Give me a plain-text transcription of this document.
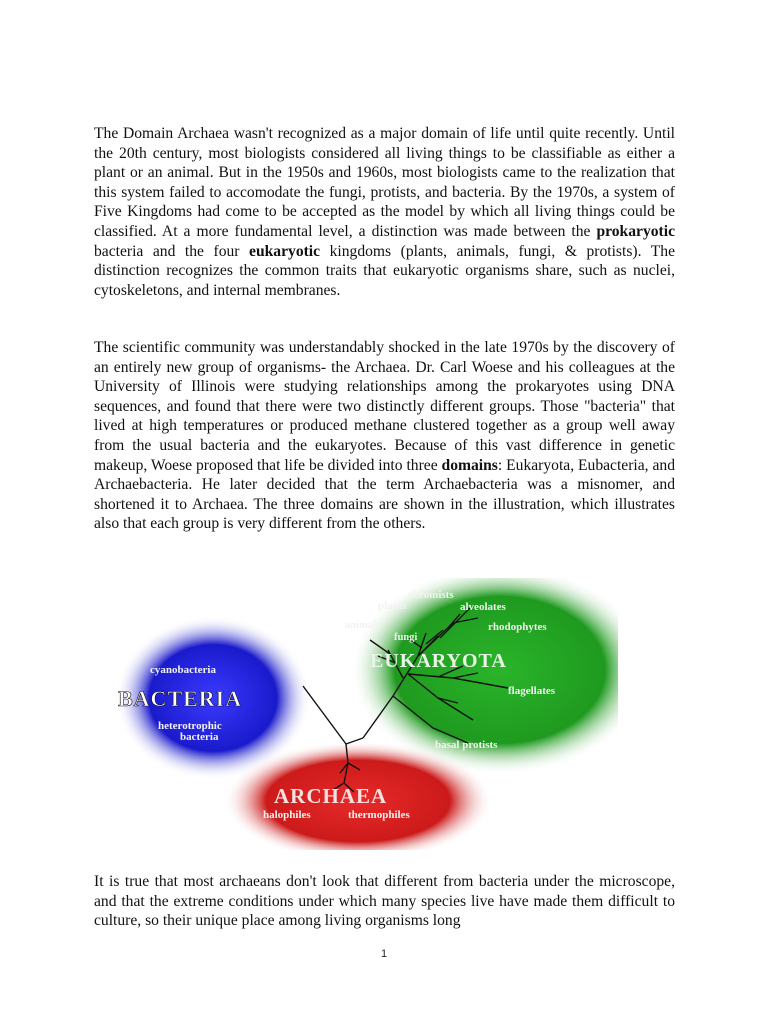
The Domain Archaea wasn't recognized as a major domain of life until quite recently. Until the 20th century, most biologists considered all living things to be classifiable as either a plant or an animal. But in the 1950s and 1960s, most biologists came to the realization that this system failed to accomodate the fungi, protists, and bacteria. By the 1970s, a system of Five Kingdoms had come to be accepted as the model by which all living things could be classified. At a more fundamental level, a distinction was made between the prokaryotic bacteria and the four eukaryotic kingdoms (plants, animals, fungi, & protists). The distinction recognizes the common traits that eukaryotic organisms share, such as nuclei, cytoskeletons, and internal membranes.

The scientific community was understandably shocked in the late 1970s by the discovery of an entirely new group of organisms- the Archaea. Dr. Carl Woese and his colleagues at the University of Illinois were studying relationships among the prokaryotes using DNA sequences, and found that there were two distinctly different groups. Those "bacteria" that lived at high temperatures or produced methane clustered together as a group well away from the usual bacteria and the eukaryotes. Because of this vast difference in genetic makeup, Woese proposed that life be divided into three domains: Eukaryota, Eubacteria, and Archaebacteria. He later decided that the term Archaebacteria was a misnomer, and shortened it to Archaea. The three domains are shown in the illustration, which illustrates also that each group is very different from the others.

chromists
plants	alveolates
animals
fungi
rhodophytes
EUKARYOTA
flagellates
basal protists
cyanobacteria
BACTERIA
heterotrophic
bacteria
ARCHAEA
halophiles	thermophiles

It is true that most archaeans don't look that different from bacteria under the microscope, and that the extreme conditions under which many species live have made them difficult to culture, so their unique place among living organisms long

1
